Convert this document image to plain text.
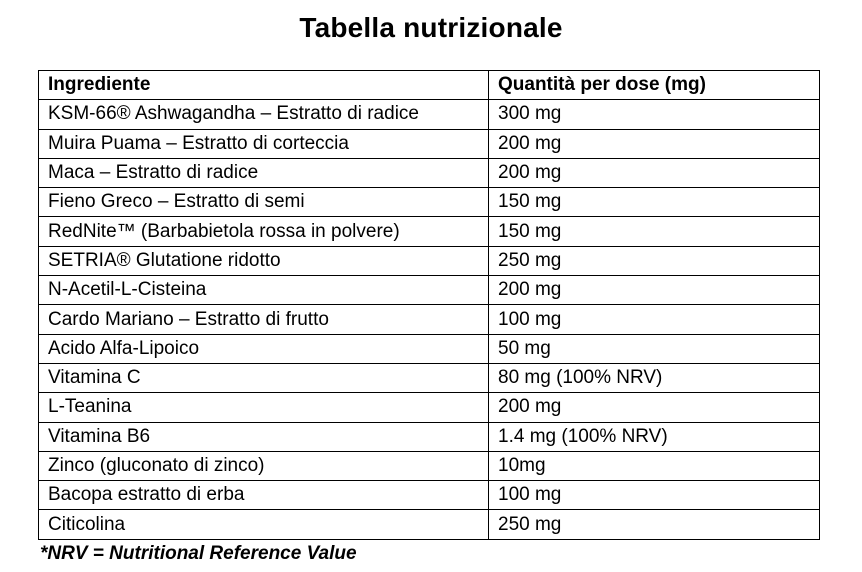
Tabella nutrizionale
Ingrediente	Quantità per dose (mg)
KSM-66® Ashwagandha – Estratto di radice	300 mg
Muira Puama – Estratto di corteccia	200 mg
Maca – Estratto di radice	200 mg
Fieno Greco – Estratto di semi	150 mg
RedNite™ (Barbabietola rossa in polvere)	150 mg
SETRIA® Glutatione ridotto	250 mg
N-Acetil-L-Cisteina	200 mg
Cardo Mariano – Estratto di frutto	100 mg
Acido Alfa-Lipoico	50 mg
Vitamina C	80 mg (100% NRV)
L-Teanina	200 mg
Vitamina B6	1.4 mg (100% NRV)
Zinco (gluconato di zinco)	10mg
Bacopa estratto di erba	100 mg
Citicolina	250 mg
*NRV = Nutritional Reference Value
